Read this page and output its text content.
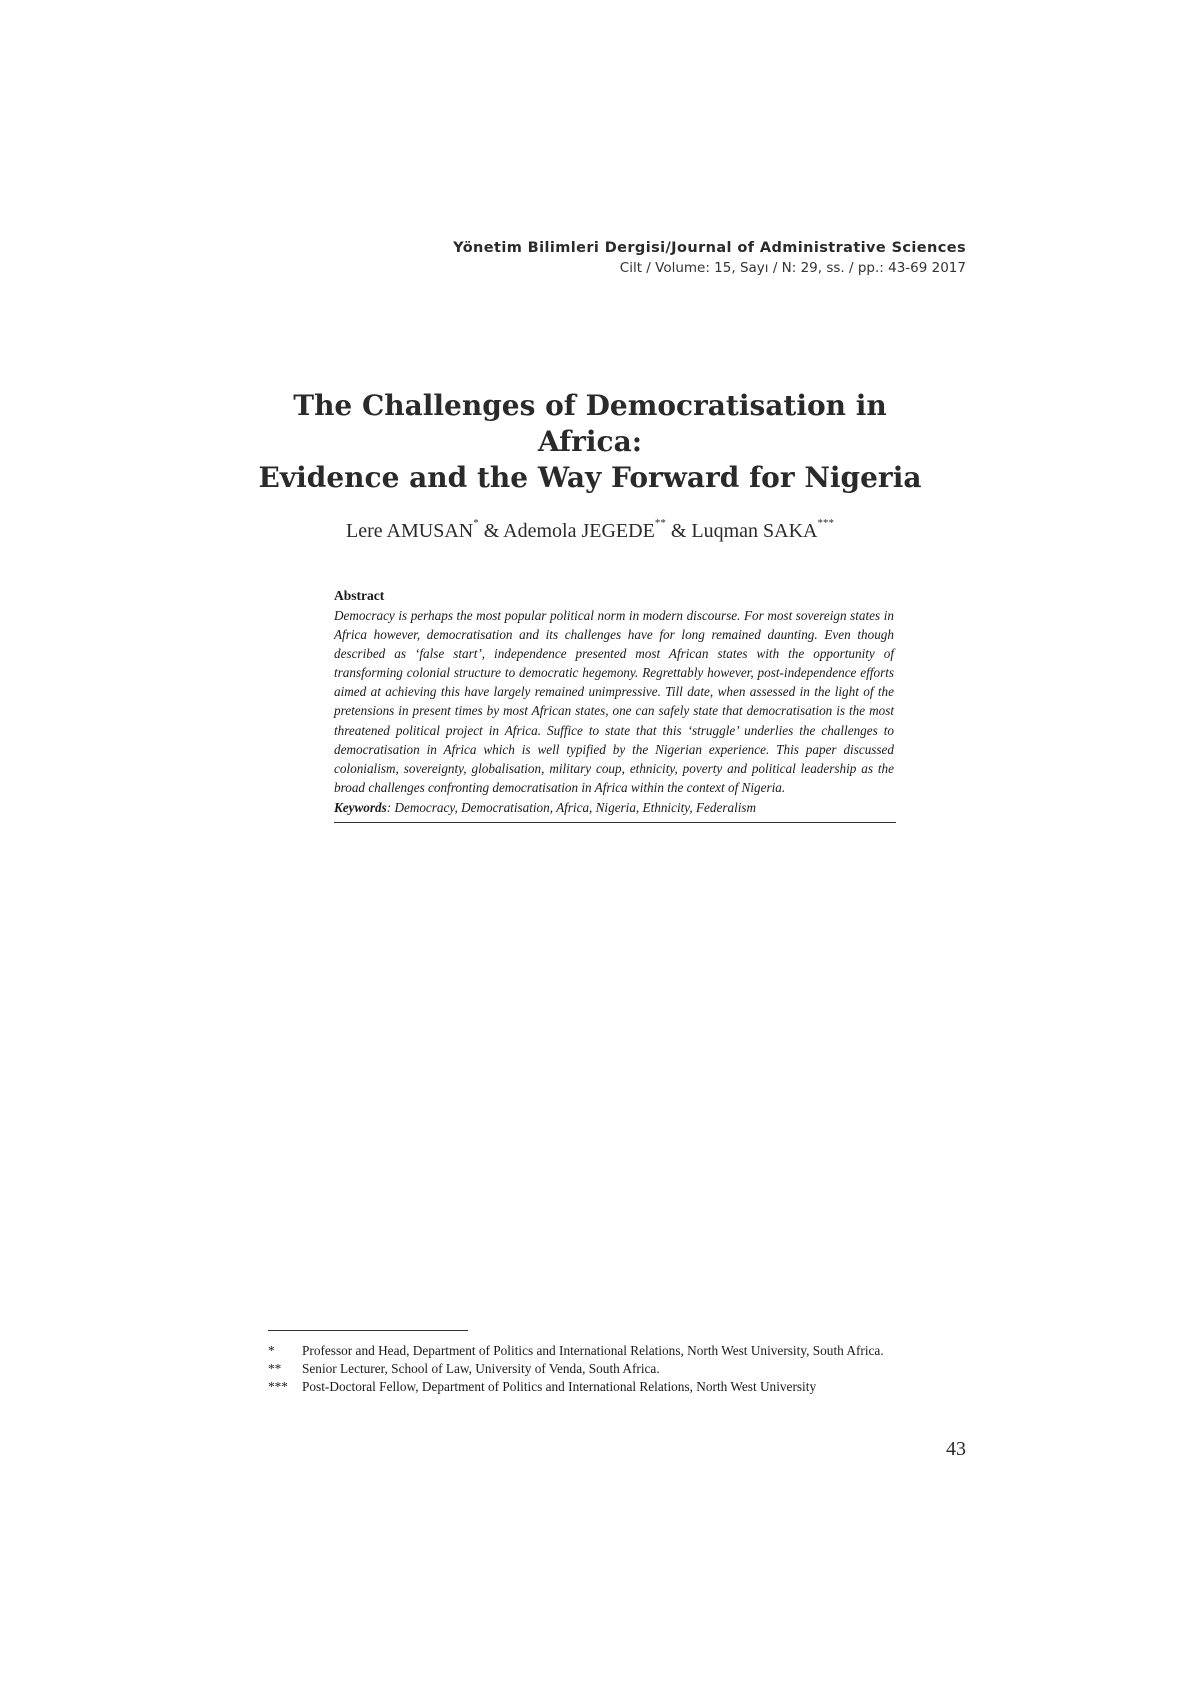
Yönetim Bilimleri Dergisi/Journal of Administrative Sciences
Cilt / Volume: 15, Sayı / N: 29, ss. / pp.: 43-69 2017
The Challenges of Democratisation in Africa:
Evidence and the Way Forward for Nigeria
Lere AMUSAN* & Ademola JEGEDE** & Luqman SAKA***
Abstract

Democracy is perhaps the most popular political norm in modern discourse. For most sovereign states in Africa however, democratisation and its challenges have for long remained daunting. Even though described as ‘false start’, independence presented most African states with the opportunity of transforming colonial structure to democratic hegemony. Regrettably however, post-independence efforts aimed at achieving this have largely remained unimpressive. Till date, when assessed in the light of the pretensions in present times by most African states, one can safely state that democratisation is the most threatened political project in Africa. Suffice to state that this ‘struggle’ underlies the challenges to democratisation in Africa which is well typified by the Nigerian experience. This paper discussed colonialism, sovereignty, globalisation, military coup, ethnicity, poverty and political leadership as the broad challenges confronting democratisation in Africa within the context of Nigeria.

Keywords: Democracy, Democratisation, Africa, Nigeria, Ethnicity, Federalism
*	Professor and Head, Department of Politics and International Relations, North West University, South Africa.
**	Senior Lecturer, School of Law, University of Venda, South Africa.
***	Post-Doctoral Fellow, Department of Politics and International Relations, North West University
43
